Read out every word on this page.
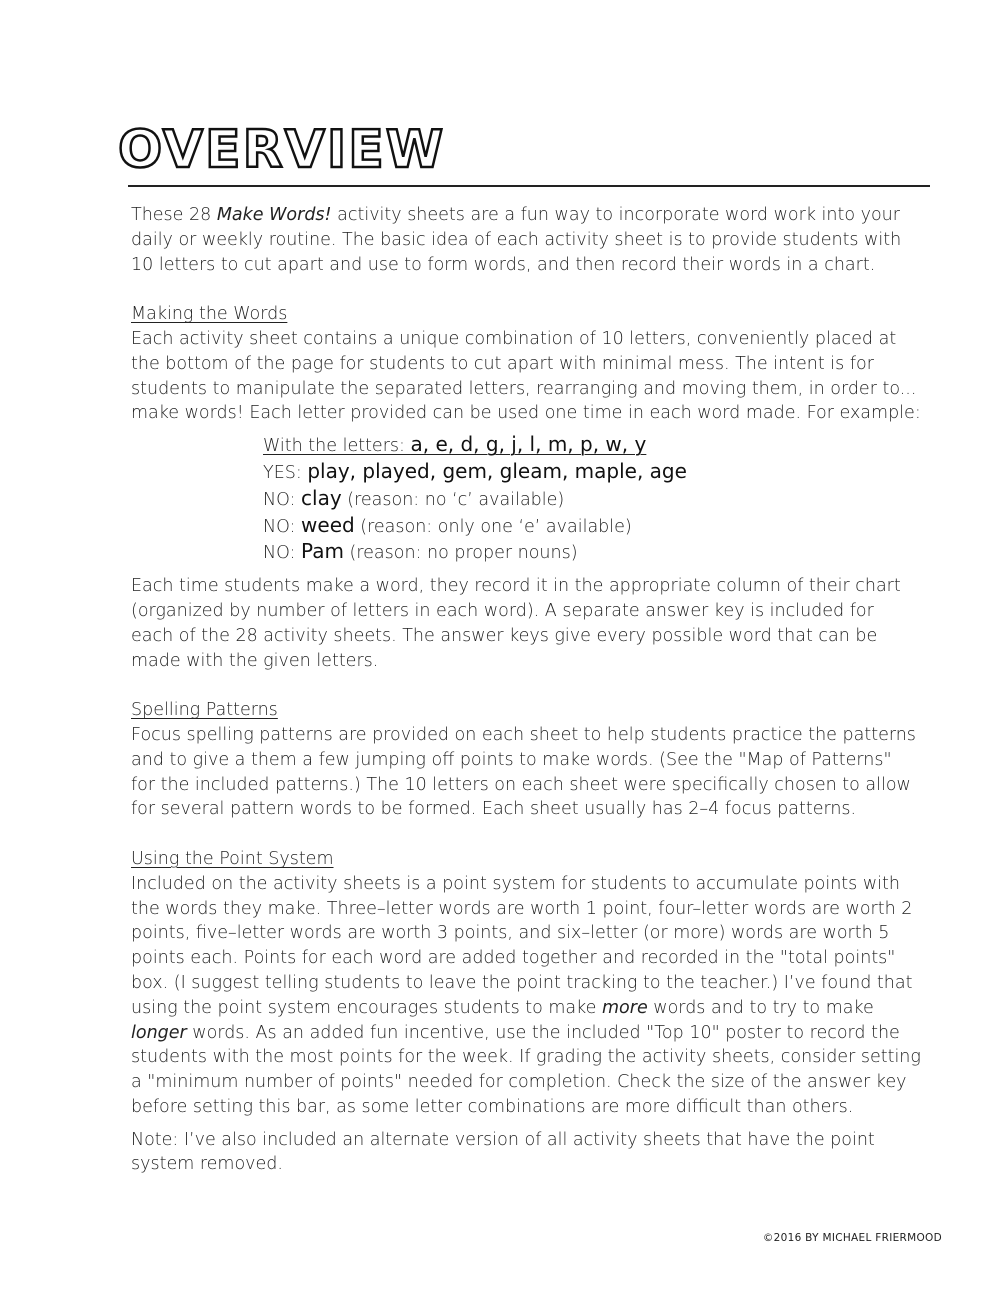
OVERVIEW

These 28 Make Words! activity sheets are a fun way to incorporate word work into your daily or weekly routine. The basic idea of each activity sheet is to provide students with 10 letters to cut apart and use to form words, and then record their words in a chart.

Making the Words

Each activity sheet contains a unique combination of 10 letters, conveniently placed at the bottom of the page for students to cut apart with minimal mess. The intent is for students to manipulate the separated letters, rearranging and moving them, in order to... make words! Each letter provided can be used one time in each word made. For example:

With the letters: a, e, d, g, j, l, m, p, w, y

YES: play, played, gem, gleam, maple, age

NO: clay (reason: no ‘c’ available)

NO: weed (reason: only one ‘e’ available)

NO: Pam (reason: no proper nouns)

Each time students make a word, they record it in the appropriate column of their chart (organized by number of letters in each word). A separate answer key is included for each of the 28 activity sheets. The answer keys give every possible word that can be made with the given letters.

Spelling Patterns

Focus spelling patterns are provided on each sheet to help students practice the patterns and to give a them a few jumping off points to make words. (See the "Map of Patterns" for the included patterns.) The 10 letters on each sheet were specifically chosen to allow for several pattern words to be formed. Each sheet usually has 2–4 focus patterns.

Using the Point System

Included on the activity sheets is a point system for students to accumulate points with the words they make. Three–letter words are worth 1 point, four–letter words are worth 2 points, five–letter words are worth 3 points, and six–letter (or more) words are worth 5 points each. Points for each word are added together and recorded in the "total points" box. (I suggest telling students to leave the point tracking to the teacher.) I’ve found that using the point system encourages students to make more words and to try to make longer words. As an added fun incentive, use the included "Top 10" poster to record the students with the most points for the week. If grading the activity sheets, consider setting a "minimum number of points" needed for completion. Check the size of the answer key before setting this bar, as some letter combinations are more difficult than others.

Note: I’ve also included an alternate version of all activity sheets that have the point system removed.

©2016 BY MICHAEL FRIERMOOD
